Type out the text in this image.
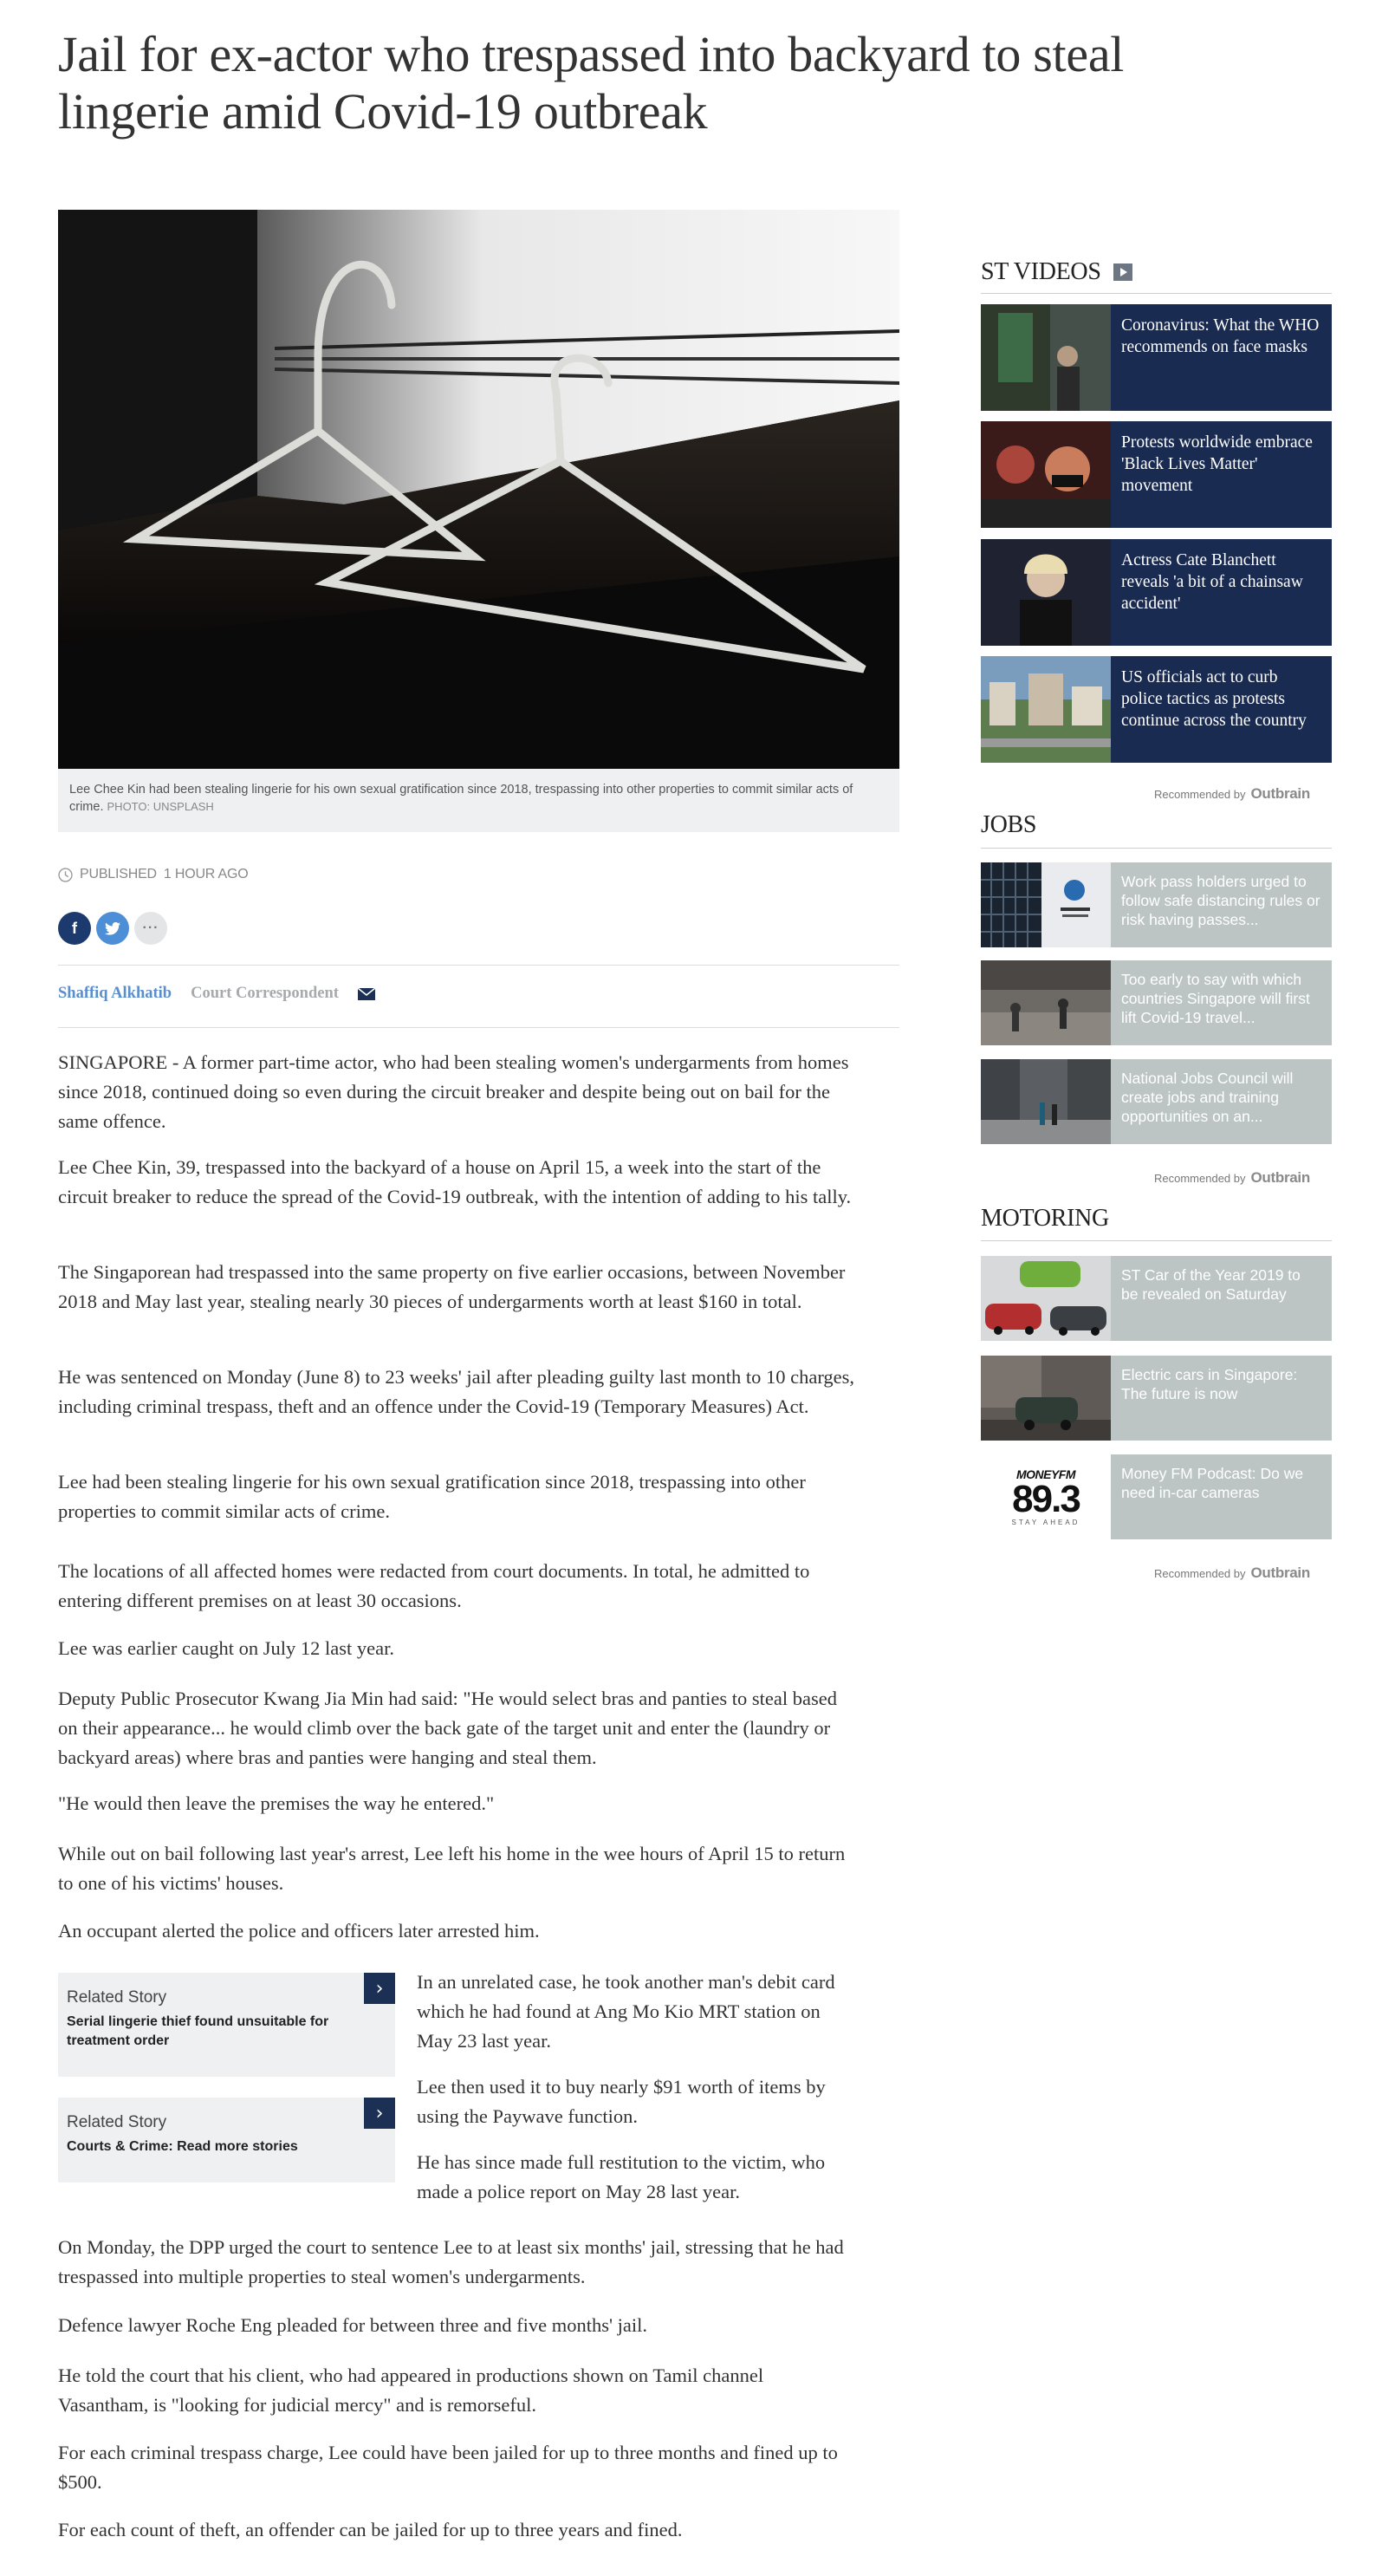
Jail for ex-actor who trespassed into backyard to steal lingerie amid Covid-19 outbreak
Lee Chee Kin had been stealing lingerie for his own sexual gratification since 2018, trespassing into other properties to commit similar acts of crime. PHOTO: UNSPLASH
PUBLISHED 1 HOUR AGO
f	···
Shaffiq Alkhatib Court Correspondent

SINGAPORE - A former part-time actor, who had been stealing women's undergarments from homes since 2018, continued doing so even during the circuit breaker and despite being out on bail for the same offence.

Lee Chee Kin, 39, trespassed into the backyard of a house on April 15, a week into the start of the circuit breaker to reduce the spread of the Covid-19 outbreak, with the intention of adding to his tally.

The Singaporean had trespassed into the same property on five earlier occasions, between November 2018 and May last year, stealing nearly 30 pieces of undergarments worth at least $160 in total.

He was sentenced on Monday (June 8) to 23 weeks' jail after pleading guilty last month to 10 charges, including criminal trespass, theft and an offence under the Covid-19 (Temporary Measures) Act.

Lee had been stealing lingerie for his own sexual gratification since 2018, trespassing into other properties to commit similar acts of crime.

The locations of all affected homes were redacted from court documents. In total, he admitted to entering different premises on at least 30 occasions.

Lee was earlier caught on July 12 last year.

Deputy Public Prosecutor Kwang Jia Min had said: "He would select bras and panties to steal based on their appearance... he would climb over the back gate of the target unit and enter the (laundry or backyard areas) where bras and panties were hanging and steal them.

"He would then leave the premises the way he entered."

While out on bail following last year's arrest, Lee left his home in the wee hours of April 15 to return to one of his victims' houses.

An occupant alerted the police and officers later arrested him.

Related Story
Serial lingerie thief found unsuitable for treatment order
›
Related Story
Courts & Crime: Read more stories
›

In an unrelated case, he took another man's debit card which he had found at Ang Mo Kio MRT station on May 23 last year.

Lee then used it to buy nearly $91 worth of items by using the Paywave function.

He has since made full restitution to the victim, who made a police report on May 28 last year.

On Monday, the DPP urged the court to sentence Lee to at least six months' jail, stressing that he had trespassed into multiple properties to steal women's undergarments.

Defence lawyer Roche Eng pleaded for between three and five months' jail.

He told the court that his client, who had appeared in productions shown on Tamil channel Vasantham, is "looking for judicial mercy" and is remorseful.

For each criminal trespass charge, Lee could have been jailed for up to three months and fined up to $500.

For each count of theft, an offender can be jailed for up to three years and fined.

ST VIDEOS
Coronavirus: What the WHO recommends on face masks
Protests worldwide embrace 'Black Lives Matter' movement
Actress Cate Blanchett reveals 'a bit of a chainsaw accident'
US officials act to curb police tactics as protests continue across the country
Recommended by Outbrain
JOBS
Work pass holders urged to follow safe distancing rules or risk having passes...
Too early to say with which countries Singapore will first lift Covid-19 travel...
National Jobs Council will create jobs and training opportunities on an...
Recommended by Outbrain
MOTORING
ST Car of the Year 2019 to be revealed on Saturday
Electric cars in Singapore: The future is now
MONEYFM
89.3
STAY AHEAD
Money FM Podcast: Do we need in-car cameras
Recommended by Outbrain
